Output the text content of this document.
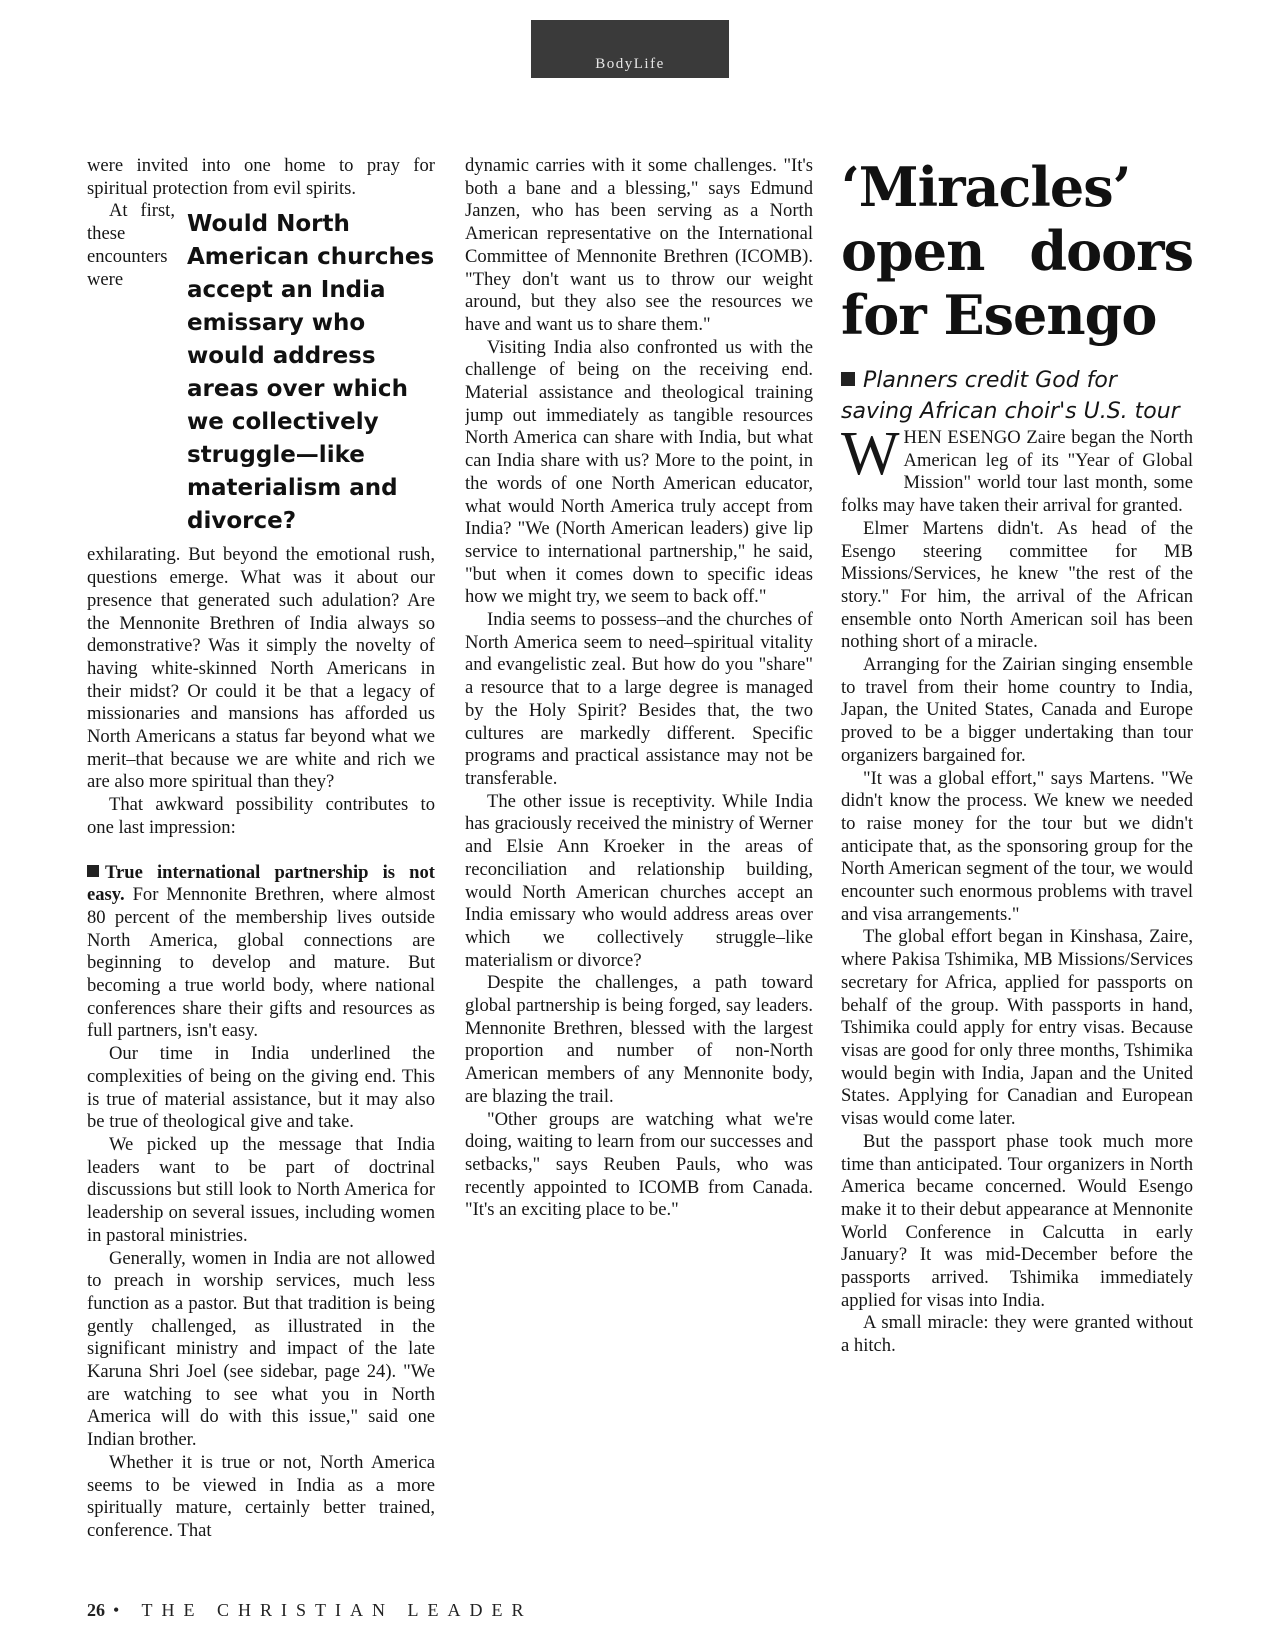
BodyLife

were invited into one home to pray for spiritual protection from evil spirits.

Would North American churches accept an India emissary who would address areas over which we collectively struggle—like materialism and divorce?

At first, these encounters were exhilarating. But beyond the emotional rush, questions emerge. What was it about our presence that generated such adulation? Are the Mennonite Brethren of India always so demonstrative? Was it simply the novelty of having white-skinned North Americans in their midst? Or could it be that a legacy of missionaries and mansions has afforded us North Americans a status far beyond what we merit–that because we are white and rich we are also more spiritual than they?

That awkward possibility contributes to one last impression:

True international partnership is not easy. For Mennonite Brethren, where almost 80 percent of the membership lives outside North America, global connections are beginning to develop and mature. But becoming a true world body, where national conferences share their gifts and resources as full partners, isn't easy.

Our time in India underlined the complexities of being on the giving end. This is true of material assistance, but it may also be true of theological give and take.

We picked up the message that India leaders want to be part of doctrinal discussions but still look to North America for leadership on several issues, including women in pastoral ministries.

Generally, women in India are not allowed to preach in worship services, much less function as a pastor. But that tradition is being gently challenged, as illustrated in the significant ministry and impact of the late Karuna Shri Joel (see sidebar, page 24). "We are watching to see what you in North America will do with this issue," said one Indian brother.

Whether it is true or not, North America seems to be viewed in India as a more spiritually mature, certainly better trained, conference. That

dynamic carries with it some challenges. "It's both a bane and a blessing," says Edmund Janzen, who has been serving as a North American representative on the International Committee of Mennonite Brethren (ICOMB). "They don't want us to throw our weight around, but they also see the resources we have and want us to share them."

Visiting India also confronted us with the challenge of being on the receiving end. Material assistance and theological training jump out immediately as tangible resources North America can share with India, but what can India share with us? More to the point, in the words of one North American educator, what would North America truly accept from India? "We (North American leaders) give lip service to international partnership," he said, "but when it comes down to specific ideas how we might try, we seem to back off."

India seems to possess–and the churches of North America seem to need–spiritual vitality and evangelistic zeal. But how do you "share" a resource that to a large degree is managed by the Holy Spirit? Besides that, the two cultures are markedly different. Specific programs and practical assistance may not be transferable.

The other issue is receptivity. While India has graciously received the ministry of Werner and Elsie Ann Kroeker in the areas of reconciliation and relationship building, would North American churches accept an India emissary who would address areas over which we collectively struggle–like materialism or divorce?

Despite the challenges, a path toward global partnership is being forged, say leaders. Mennonite Brethren, blessed with the largest proportion and number of non-North American members of any Mennonite body, are blazing the trail.

"Other groups are watching what we're doing, waiting to learn from our successes and setbacks," says Reuben Pauls, who was recently appointed to ICOMB from Canada. "It's an exciting place to be."

‘Miracles’ open doors for Esengo

Planners credit God for saving African choir's U.S. tour

WHEN ESENGO Zaire began the North American leg of its "Year of Global Mission" world tour last month, some folks may have taken their arrival for granted.

Elmer Martens didn't. As head of the Esengo steering committee for MB Missions/Services, he knew "the rest of the story." For him, the arrival of the African ensemble onto North American soil has been nothing short of a miracle.

Arranging for the Zairian singing ensemble to travel from their home country to India, Japan, the United States, Canada and Europe proved to be a bigger undertaking than tour organizers bargained for.

"It was a global effort," says Martens. "We didn't know the process. We knew we needed to raise money for the tour but we didn't anticipate that, as the sponsoring group for the North American segment of the tour, we would encounter such enormous problems with travel and visa arrangements."

The global effort began in Kinshasa, Zaire, where Pakisa Tshimika, MB Missions/Services secretary for Africa, applied for passports on behalf of the group. With passports in hand, Tshimika could apply for entry visas. Because visas are good for only three months, Tshimika would begin with India, Japan and the United States. Applying for Canadian and European visas would come later.

But the passport phase took much more time than anticipated. Tour organizers in North America became concerned. Would Esengo make it to their debut appearance at Mennonite World Conference in Calcutta in early January? It was mid-December before the passports arrived. Tshimika immediately applied for visas into India.

A small miracle: they were granted without a hitch.

26 • THE CHRISTIAN LEADER
